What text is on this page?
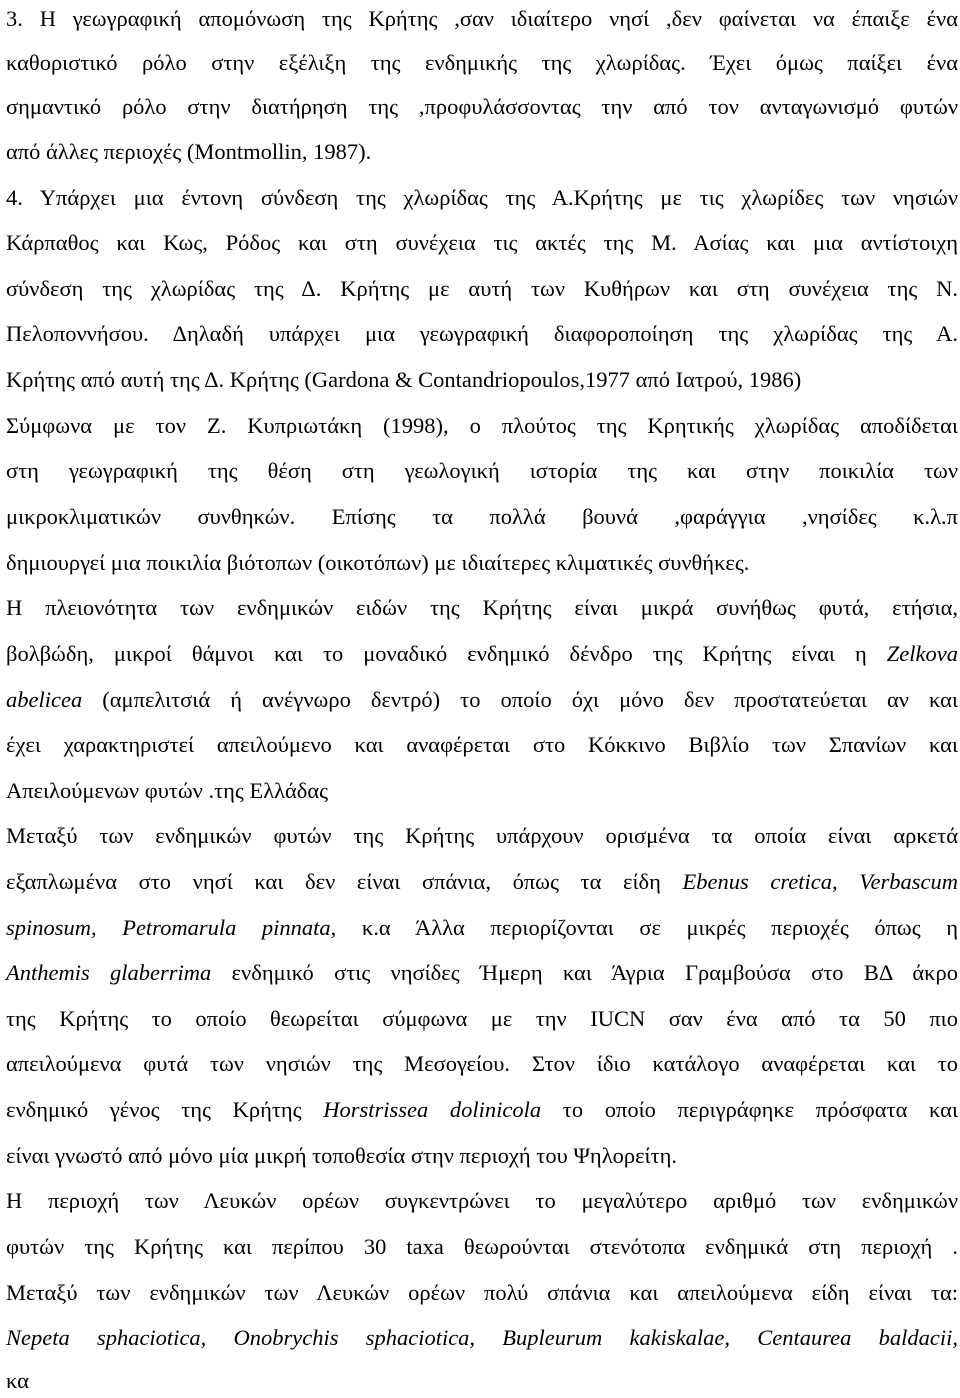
3. Η γεωγραφική απομόνωση της Κρήτης ,σαν ιδιαίτερο νησί ,δεν φαίνεται να έπαιξε ένα
καθοριστικό ρόλο στην εξέλιξη της ενδημικής της χλωρίδας. Έχει όμως παίξει ένα
σημαντικό ρόλο στην διατήρηση της ,προφυλάσσοντας την από τον ανταγωνισμό φυτών
από άλλες περιοχές (Montmollin, 1987).
4. Υπάρχει μια έντονη σύνδεση της χλωρίδας της Α.Κρήτης με τις χλωρίδες των νησιών
Κάρπαθος και Κως, Ρόδος και στη συνέχεια τις ακτές της Μ. Ασίας και μια αντίστοιχη
σύνδεση της χλωρίδας της Δ. Κρήτης με αυτή των Κυθήρων και στη συνέχεια της Ν.
Πελοποννήσου. Δηλαδή υπάρχει μια γεωγραφική διαφοροποίηση της χλωρίδας της Α.
Κρήτης από αυτή της Δ. Κρήτης (Gardona & Contandriopoulos,1977 από Ιατρού, 1986)
Σύμφωνα με τον Ζ. Κυπριωτάκη (1998), ο πλούτος της Κρητικής χλωρίδας αποδίδεται
στη γεωγραφική της θέση στη γεωλογική ιστορία της και στην ποικιλία των
μικροκλιματικών συνθηκών. Επίσης τα πολλά βουνά ,φαράγγια ,νησίδες κ.λ.π
δημιουργεί μια ποικιλία βιότοπων (οικοτόπων) με ιδιαίτερες κλιματικές συνθήκες.
Η πλειονότητα των ενδημικών ειδών της Κρήτης είναι μικρά συνήθως φυτά, ετήσια,
βολβώδη, μικροί θάμνοι και το μοναδικό ενδημικό δένδρο της Κρήτης είναι η Zelkova
abelicea (αμπελιτσιά ή ανέγνωρο δεντρό) το οποίο όχι μόνο δεν προστατεύεται αν και
έχει χαρακτηριστεί απειλούμενο και αναφέρεται στο Κόκκινο Βιβλίο των Σπανίων και
Απειλούμενων φυτών .της Ελλάδας
Μεταξύ των ενδημικών φυτών της Κρήτης υπάρχουν ορισμένα τα οποία είναι αρκετά
εξαπλωμένα στο νησί και δεν είναι σπάνια, όπως τα είδη Ebenus cretica, Verbascum
spinosum, Petromarula pinnata, κ.α Άλλα περιορίζονται σε μικρές περιοχές όπως η
Anthemis glaberrima ενδημικό στις νησίδες Ήμερη και Άγρια Γραμβούσα στο ΒΔ άκρο
της Κρήτης το οποίο θεωρείται σύμφωνα με την IUCN σαν ένα από τα 50 πιο
απειλούμενα φυτά των νησιών της Μεσογείου. Στον ίδιο κατάλογο αναφέρεται και το
ενδημικό γένος της Κρήτης Horstrissea dolinicola το οποίο περιγράφηκε πρόσφατα και
είναι γνωστό από μόνο μία μικρή τοποθεσία στην περιοχή του Ψηλορείτη.
Η περιοχή των Λευκών ορέων συγκεντρώνει το μεγαλύτερο αριθμό των ενδημικών
φυτών της Κρήτης και περίπου 30 taxa θεωρούνται στενότοπα ενδημικά στη περιοχή .
Μεταξύ των ενδημικών των Λευκών ορέων πολύ σπάνια και απειλούμενα είδη είναι τα:
Nepeta sphaciotica, Onobrychis sphaciotica, Bupleurum kakiskalae, Centaurea baldacii,
κα
